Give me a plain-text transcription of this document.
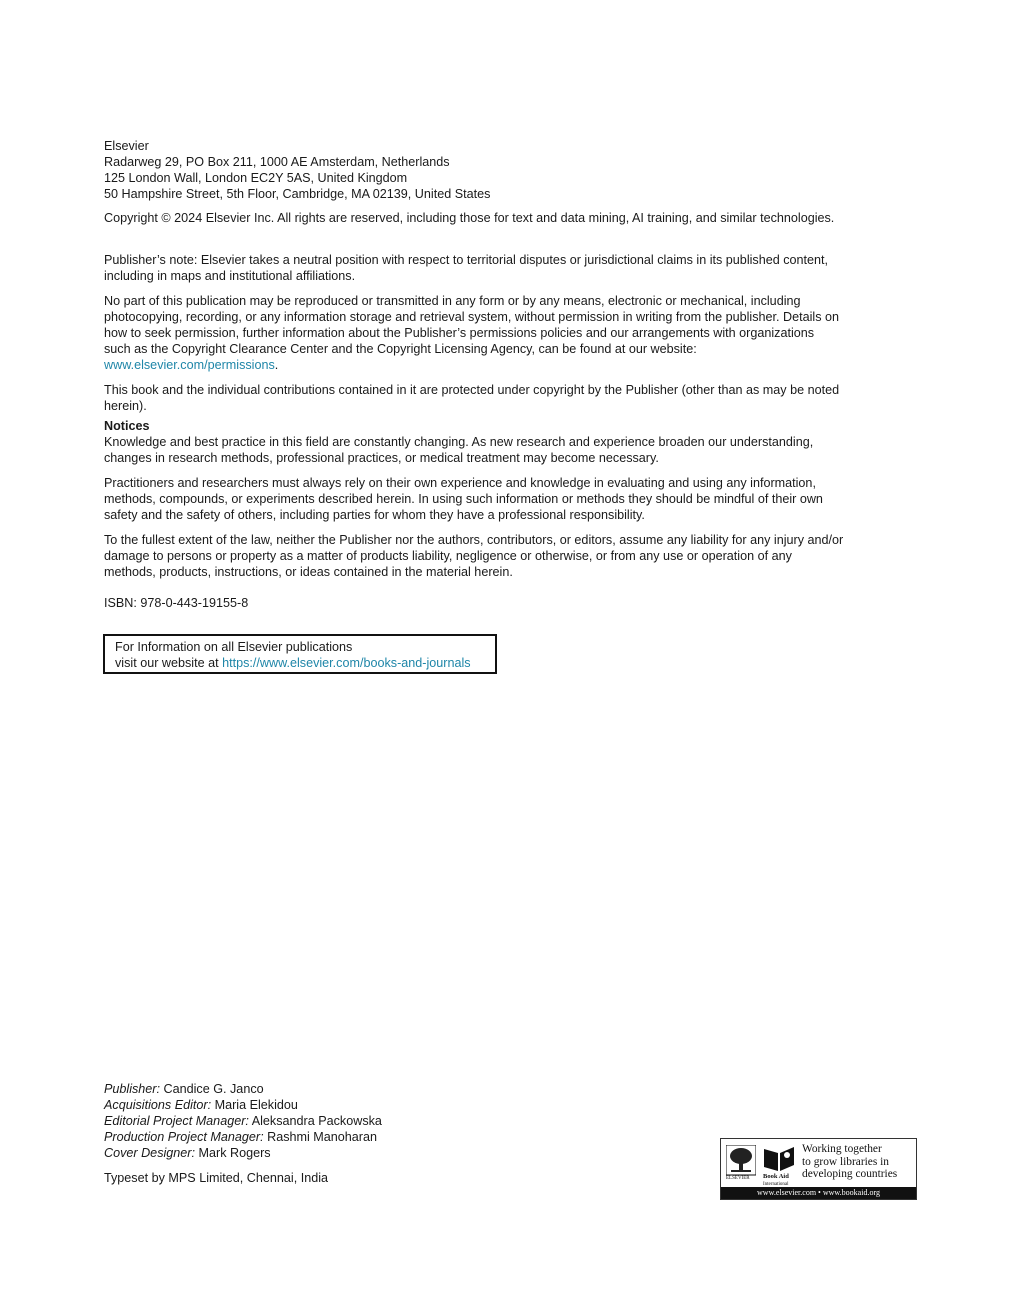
Elsevier

Radarweg 29, PO Box 211, 1000 AE Amsterdam, Netherlands

125 London Wall, London EC2Y 5AS, United Kingdom

50 Hampshire Street, 5th Floor, Cambridge, MA 02139, United States

Copyright © 2024 Elsevier Inc. All rights are reserved, including those for text and data mining, AI training, and similar technologies.

Publisher’s note: Elsevier takes a neutral position with respect to territorial disputes or jurisdictional claims in its published content, including in maps and institutional affiliations.

No part of this publication may be reproduced or transmitted in any form or by any means, electronic or mechanical, including photocopying, recording, or any information storage and retrieval system, without permission in writing from the publisher. Details on how to seek permission, further information about the Publisher’s permissions policies and our arrangements with organizations such as the Copyright Clearance Center and the Copyright Licensing Agency, can be found at our website: www.elsevier.com/permissions.

This book and the individual contributions contained in it are protected under copyright by the Publisher (other than as may be noted herein).

Notices

Knowledge and best practice in this field are constantly changing. As new research and experience broaden our understanding, changes in research methods, professional practices, or medical treatment may become necessary.

Practitioners and researchers must always rely on their own experience and knowledge in evaluating and using any information, methods, compounds, or experiments described herein. In using such information or methods they should be mindful of their own safety and the safety of others, including parties for whom they have a professional responsibility.

To the fullest extent of the law, neither the Publisher nor the authors, contributors, or editors, assume any liability for any injury and/or damage to persons or property as a matter of products liability, negligence or otherwise, or from any use or operation of any methods, products, instructions, or ideas contained in the material herein.

ISBN: 978-0-443-19155-8

For Information on all Elsevier publications

visit our website at https://www.elsevier.com/books-and-journals

Publisher: Candice G. Janco

Acquisitions Editor: Maria Elekidou

Editorial Project Manager: Aleksandra Packowska

Production Project Manager: Rashmi Manoharan

Cover Designer: Mark Rogers

Typeset by MPS Limited, Chennai, India	ELSEVIER Book Aid
International
Working together
to grow libraries in
developing countries
www.elsevier.com • www.bookaid.org
